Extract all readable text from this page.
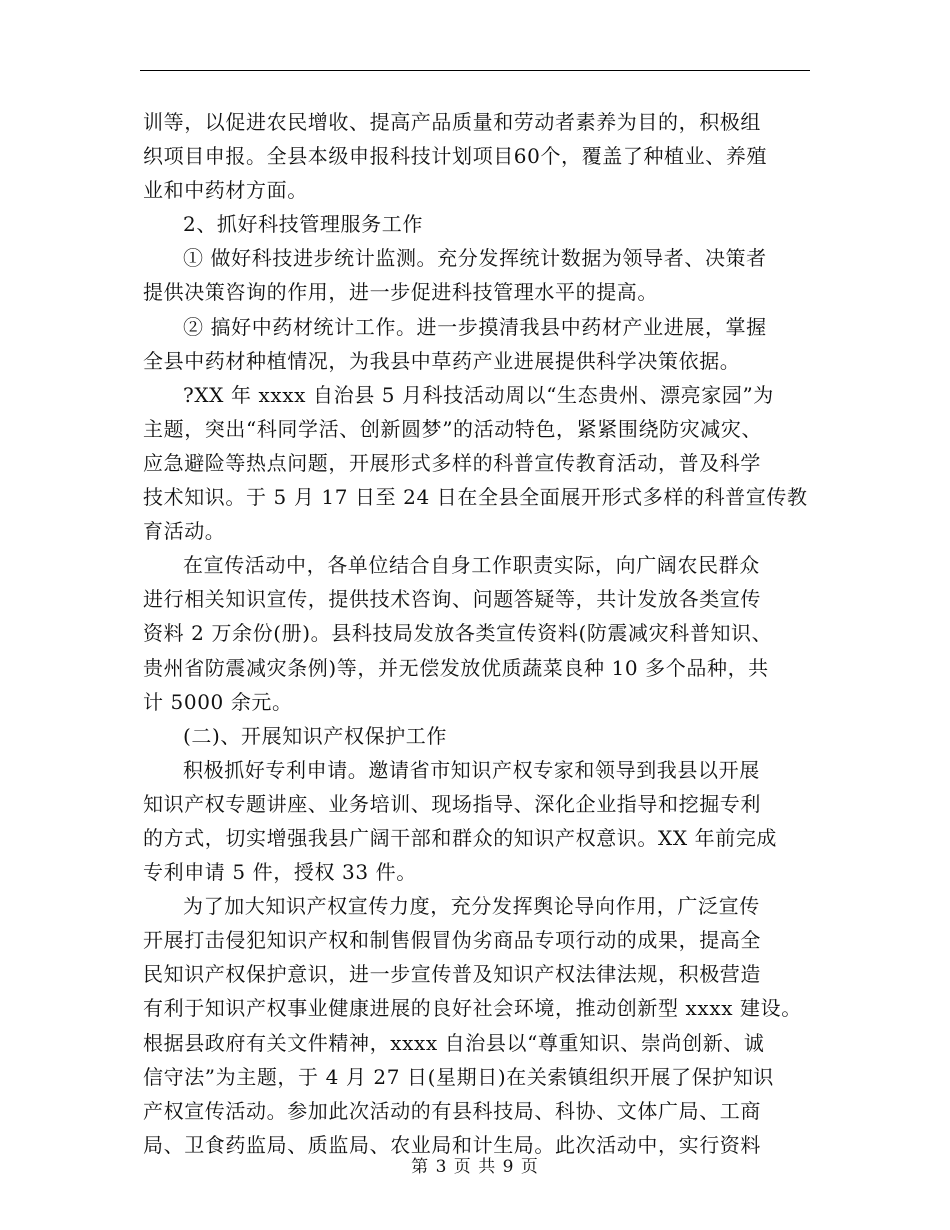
训等，以促进农民增收、提高产品质量和劳动者素养为目的，积极组
织项目申报。全县本级申报科技计划项目60个，覆盖了种植业、养殖
业和中药材方面。
2、抓好科技管理服务工作
① 做好科技进步统计监测。充分发挥统计数据为领导者、决策者
提供决策咨询的作用，进一步促进科技管理水平的提高。
② 搞好中药材统计工作。进一步摸清我县中药材产业进展，掌握
全县中药材种植情况，为我县中草药产业进展提供科学决策依据。
?XX 年 xxxx 自治县 5 月科技活动周以“生态贵州、漂亮家园”为
主题，突出“科同学活、创新圆梦”的活动特色，紧紧围绕防灾减灾、
应急避险等热点问题，开展形式多样的科普宣传教育活动，普及科学
技术知识。于 5 月 17 日至 24 日在全县全面展开形式多样的科普宣传教
育活动。
在宣传活动中，各单位结合自身工作职责实际，向广阔农民群众
进行相关知识宣传，提供技术咨询、问题答疑等，共计发放各类宣传
资料 2 万余份(册)。县科技局发放各类宣传资料(防震减灾科普知识、
贵州省防震减灾条例)等，并无偿发放优质蔬菜良种 10 多个品种，共
计 5000 余元。
(二)、开展知识产权保护工作
积极抓好专利申请。邀请省市知识产权专家和领导到我县以开展
知识产权专题讲座、业务培训、现场指导、深化企业指导和挖掘专利
的方式，切实增强我县广阔干部和群众的知识产权意识。XX 年前完成
专利申请 5 件，授权 33 件。
为了加大知识产权宣传力度，充分发挥舆论导向作用，广泛宣传
开展打击侵犯知识产权和制售假冒伪劣商品专项行动的成果，提高全
民知识产权保护意识，进一步宣传普及知识产权法律法规，积极营造
有利于知识产权事业健康进展的良好社会环境，推动创新型 xxxx 建设。
根据县政府有关文件精神，xxxx 自治县以“尊重知识、崇尚创新、诚
信守法”为主题，于 4 月 27 日(星期日)在关索镇组织开展了保护知识
产权宣传活动。参加此次活动的有县科技局、科协、文体广局、工商
局、卫食药监局、质监局、农业局和计生局。此次活动中，实行资料
第 3 页 共 9 页
